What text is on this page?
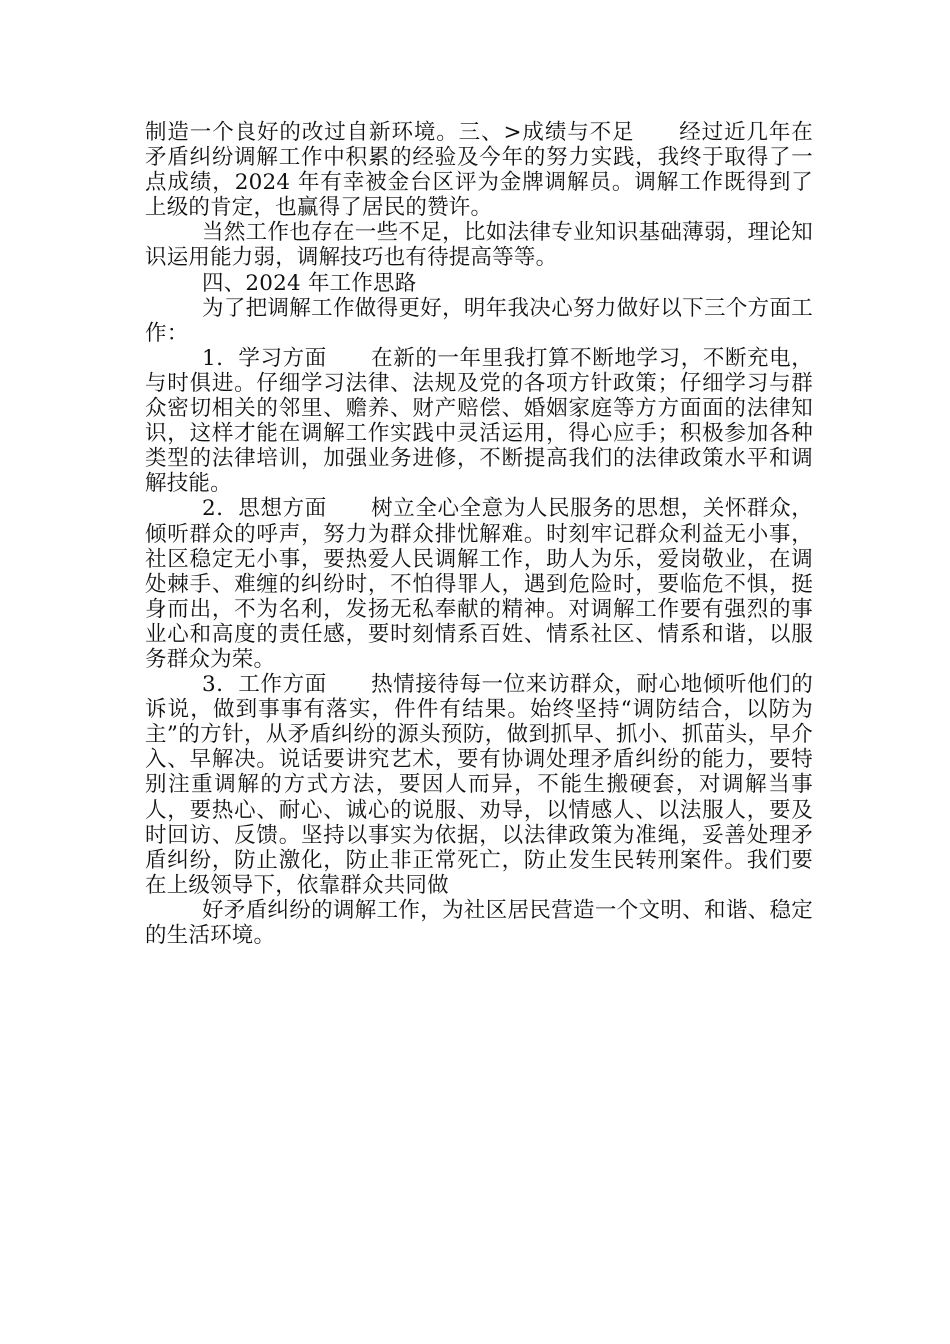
制造一个良好的改过自新环境。三、>成绩与不足　　经过近几年在矛盾纠纷调解工作中积累的经验及今年的努力实践，我终于取得了一点成绩，2024 年有幸被金台区评为金牌调解员。调解工作既得到了上级的肯定，也赢得了居民的赞许。

当然工作也存在一些不足，比如法律专业知识基础薄弱，理论知识运用能力弱，调解技巧也有待提高等等。

四、2024 年工作思路

为了把调解工作做得更好，明年我决心努力做好以下三个方面工作：

1．学习方面　　在新的一年里我打算不断地学习，不断充电，与时俱进。仔细学习法律、法规及党的各项方针政策；仔细学习与群众密切相关的邻里、赡养、财产赔偿、婚姻家庭等方方面面的法律知识，这样才能在调解工作实践中灵活运用，得心应手；积极参加各种类型的法律培训，加强业务进修，不断提高我们的法律政策水平和调解技能。

2．思想方面　　树立全心全意为人民服务的思想，关怀群众，倾听群众的呼声，努力为群众排忧解难。时刻牢记群众利益无小事，社区稳定无小事，要热爱人民调解工作，助人为乐，爱岗敬业，在调处棘手、难缠的纠纷时，不怕得罪人，遇到危险时，要临危不惧，挺身而出，不为名利，发扬无私奉献的精神。对调解工作要有强烈的事业心和高度的责任感，要时刻情系百姓、情系社区、情系和谐，以服务群众为荣。

3．工作方面　　热情接待每一位来访群众，耐心地倾听他们的诉说，做到事事有落实，件件有结果。始终坚持“调防结合，以防为主”的方针，从矛盾纠纷的源头预防，做到抓早、抓小、抓苗头，早介入、早解决。说话要讲究艺术，要有协调处理矛盾纠纷的能力，要特别注重调解的方式方法，要因人而异，不能生搬硬套，对调解当事人，要热心、耐心、诚心的说服、劝导，以情感人、以法服人，要及时回访、反馈。坚持以事实为依据，以法律政策为准绳，妥善处理矛盾纠纷，防止激化，防止非正常死亡，防止发生民转刑案件。我们要在上级领导下，依靠群众共同做

好矛盾纠纷的调解工作，为社区居民营造一个文明、和谐、稳定的生活环境。
